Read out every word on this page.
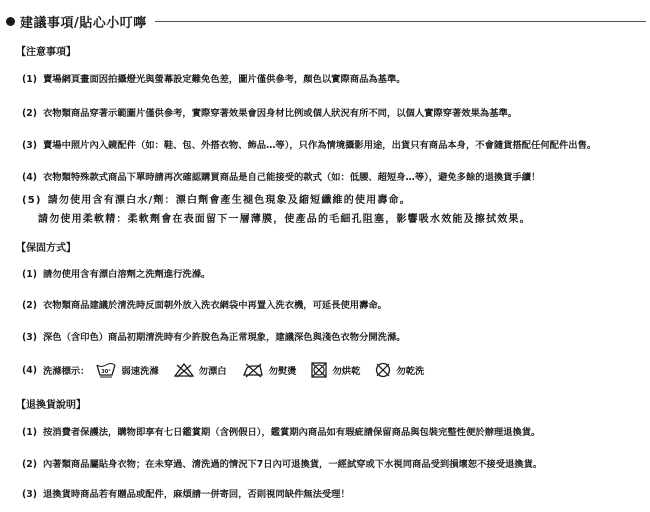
建議事項/貼心小叮嚀
【注意事項】
(1) 賣場網頁畫面因拍攝燈光與螢幕設定難免色差，圖片僅供參考，顏色以實際商品為基準。
(2) 衣物類商品穿著示範圖片僅供參考，實際穿著效果會因身材比例或個人狀況有所不同，以個人實際穿著效果為基準。
(3) 賣場中照片內入鏡配件（如：鞋、包、外搭衣物、飾品…等），只作為情境攝影用途，出貨只有商品本身，不會隨貨搭配任何配件出售。
(4) 衣物類特殊款式商品下單時請再次確認購買商品是自己能接受的款式（如：低腰、超短身…等），避免多餘的退換貨手續！
(5) 請勿使用含有漂白水/劑：漂白劑會產生褪色現象及縮短纖維的使用壽命。
請勿使用柔軟精：柔軟劑會在表面留下一層薄膜，使產品的毛細孔阻塞，影響吸水效能及擦拭效果。
【保固方式】
(1) 請勿使用含有漂白溶劑之洗劑進行洗滌。
(2) 衣物類商品建議於清洗時反面朝外放入洗衣網袋中再置入洗衣機，可延長使用壽命。
(3) 深色（含印色）商品初期清洗時有少許脫色為正常現象，建議深色與淺色衣物分開洗滌。
(4) 洗滌標示： 30° 弱速洗滌	勿漂白	勿熨燙	勿烘乾	勿乾洗
【退換貨說明】
(1) 按消費者保護法，購物即享有七日鑑賞期（含例假日），鑑賞期內商品如有瑕疵請保留商品與包裝完整性便於辦理退換貨。
(2) 內著類商品屬貼身衣物；在未穿過、清洗過的情況下7日內可退換貨，一經試穿或下水視同商品受到損壞恕不接受退換貨。
(3) 退換貨時商品若有贈品或配件，麻煩請一併寄回，否則視同缺件無法受理！
